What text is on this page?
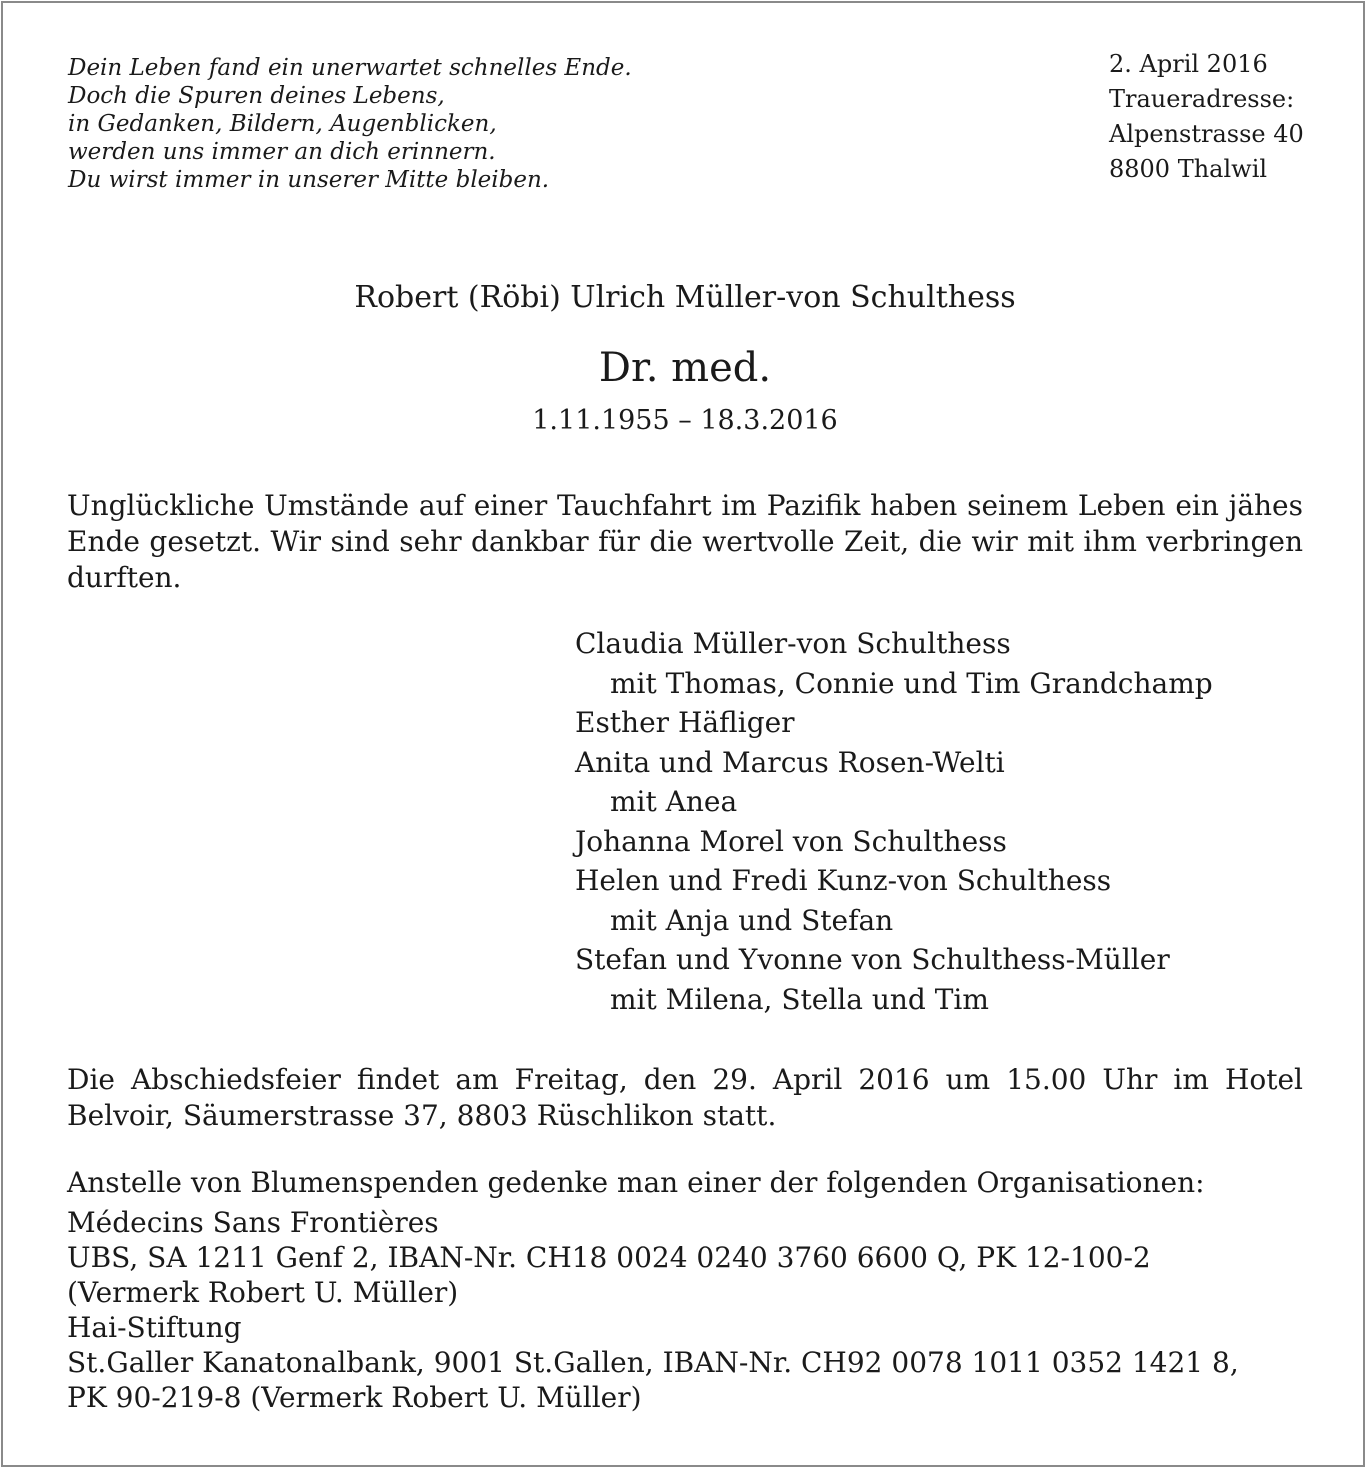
Dein Leben fand ein unerwartet schnelles Ende.
Doch die Spuren deines Lebens,
in Gedanken, Bildern, Augenblicken,
werden uns immer an dich erinnern.
Du wirst immer in unserer Mitte bleiben.
2. April 2016
Traueradresse:
Alpenstrasse 40
8800 Thalwil
Robert (Röbi) Ulrich Müller-von Schulthess
Dr. med.
1.11.1955 – 18.3.2016
Unglückliche Umstände auf einer Tauchfahrt im Pazifik haben seinem Leben ein jähes Ende gesetzt. Wir sind sehr dankbar für die wertvolle Zeit, die wir mit ihm verbringen durften.
Claudia Müller-von Schulthess
mit Thomas, Connie und Tim Grandchamp
Esther Häfliger
Anita und Marcus Rosen-Welti
mit Anea
Johanna Morel von Schulthess
Helen und Fredi Kunz-von Schulthess
mit Anja und Stefan
Stefan und Yvonne von Schulthess-Müller
mit Milena, Stella und Tim
Die Abschiedsfeier findet am Freitag, den 29. April 2016 um 15.00 Uhr im Hotel Belvoir, Säumerstrasse 37, 8803 Rüschlikon statt.
Anstelle von Blumenspenden gedenke man einer der folgenden Organisationen:
Médecins Sans Frontières
UBS, SA 1211 Genf 2, IBAN-Nr. CH18 0024 0240 3760 6600 Q, PK 12-100-2
(Vermerk Robert U. Müller)
Hai-Stiftung
St.Galler Kanatonalbank, 9001 St.Gallen, IBAN-Nr. CH92 0078 1011 0352 1421 8,
PK 90-219-8 (Vermerk Robert U. Müller)
